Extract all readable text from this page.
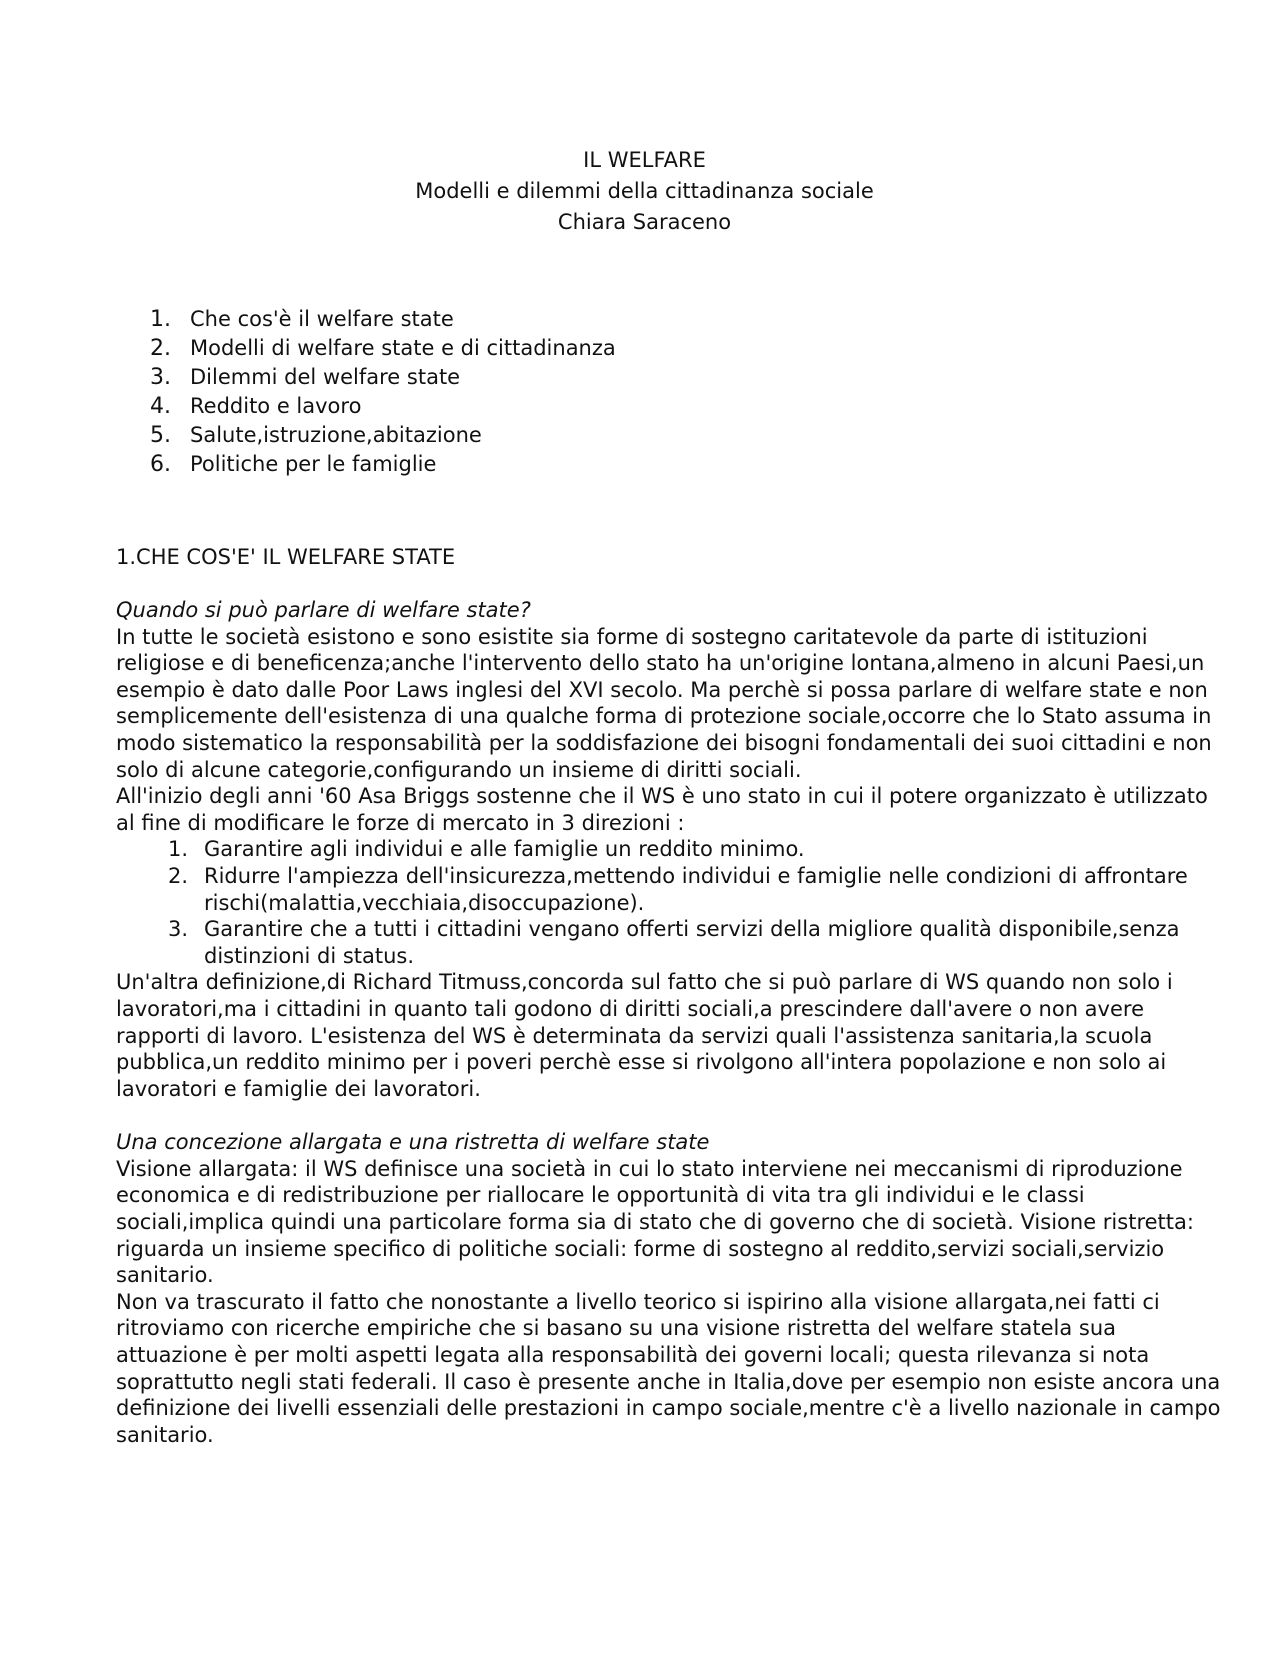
IL WELFARE
Modelli e dilemmi della cittadinanza sociale
Chiara Saraceno
1. Che cos'è il welfare state
2. Modelli di welfare state e di cittadinanza
3. Dilemmi del welfare state
4. Reddito e lavoro
5. Salute,istruzione,abitazione
6. Politiche per le famiglie
1.CHE COS'E' IL WELFARE STATE

Quando si può parlare di welfare state?

In tutte le società esistono e sono esistite sia forme di sostegno caritatevole da parte di istituzioni religiose e di beneficenza;anche l'intervento dello stato ha un'origine lontana,almeno in alcuni Paesi,un esempio è dato dalle Poor Laws inglesi del XVI secolo. Ma perchè si possa parlare di welfare state e non semplicemente dell'esistenza di una qualche forma di protezione sociale,occorre che lo Stato assuma in modo sistematico la responsabilità per la soddisfazione dei bisogni fondamentali dei suoi cittadini e non solo di alcune categorie,configurando un insieme di diritti sociali.

All'inizio degli anni '60 Asa Briggs sostenne che il WS è uno stato in cui il potere organizzato è utilizzato al fine di modificare le forze di mercato in 3 direzioni :

1. Garantire agli individui e alle famiglie un reddito minimo.
2. Ridurre l'ampiezza dell'insicurezza,mettendo individui e famiglie nelle condizioni di affrontare rischi(malattia,vecchiaia,disoccupazione).
3. Garantire che a tutti i cittadini vengano offerti servizi della migliore qualità disponibile,senza distinzioni di status.

Un'altra definizione,di Richard Titmuss,concorda sul fatto che si può parlare di WS quando non solo i lavoratori,ma i cittadini in quanto tali godono di diritti sociali,a prescindere dall'avere o non avere rapporti di lavoro. L'esistenza del WS è determinata da servizi quali l'assistenza sanitaria,la scuola pubblica,un reddito minimo per i poveri perchè esse si rivolgono all'intera popolazione e non solo ai lavoratori e famiglie dei lavoratori.

Una concezione allargata e una ristretta di welfare state

Visione allargata: il WS definisce una società in cui lo stato interviene nei meccanismi di riproduzione economica e di redistribuzione per riallocare le opportunità di vita tra gli individui e le classi sociali,implica quindi una particolare forma sia di stato che di governo che di società. Visione ristretta: riguarda un insieme specifico di politiche sociali: forme di sostegno al reddito,servizi sociali,servizio sanitario.

Non va trascurato il fatto che nonostante a livello teorico si ispirino alla visione allargata,nei fatti ci ritroviamo con ricerche empiriche che si basano su una visione ristretta del welfare statela sua attuazione è per molti aspetti legata alla responsabilità dei governi locali; questa rilevanza si nota soprattutto negli stati federali. Il caso è presente anche in Italia,dove per esempio non esiste ancora una definizione dei livelli essenziali delle prestazioni in campo sociale,mentre c'è a livello nazionale in campo sanitario.
